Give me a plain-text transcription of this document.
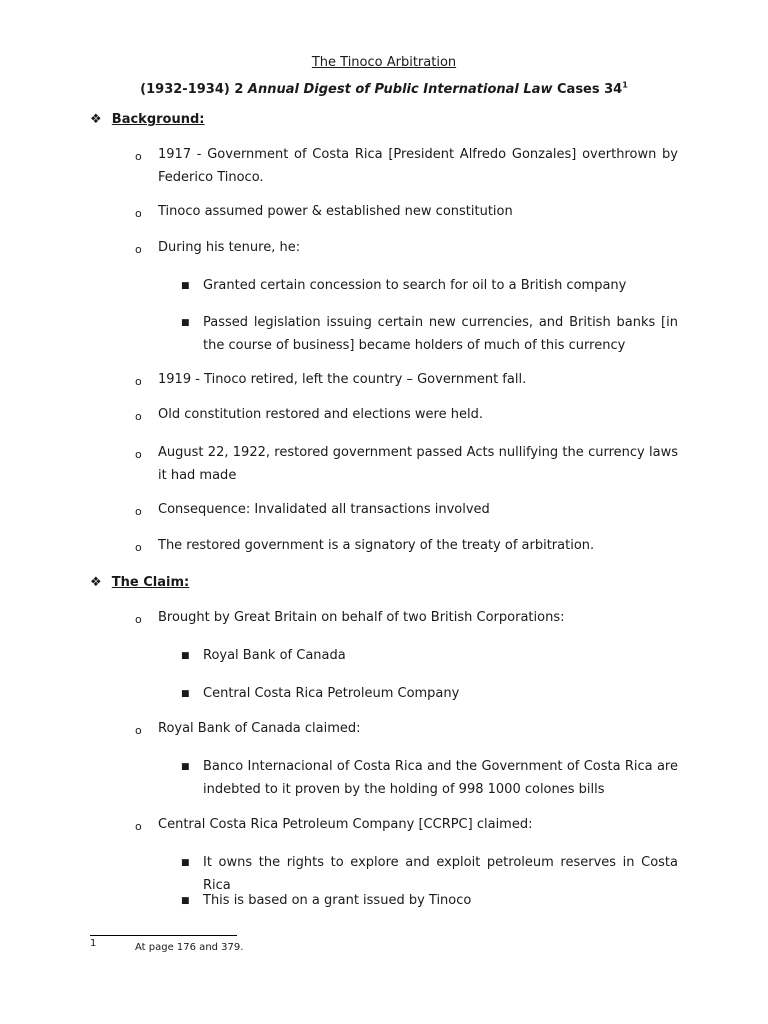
The Tinoco Arbitration
(1932-1934) 2 Annual Digest of Public International Law Cases $34^1$
❖ Background:
o 1917 - Government of Costa Rica [President Alfredo Gonzales] overthrown by Federico Tinoco.
o Tinoco assumed power & established new constitution
o During his tenure, he:
■ Granted certain concession to search for oil to a British company
■ Passed legislation issuing certain new currencies, and British banks [in the course of business] became holders of much of this currency
o 1919 - Tinoco retired, left the country – Government fall.
o Old constitution restored and elections were held.
o August 22, 1922, restored government passed Acts nullifying the currency laws it had made
o Consequence: Invalidated all transactions involved
o The restored government is a signatory of the treaty of arbitration.
❖ The Claim:
o Brought by Great Britain on behalf of two British Corporations:
■ Royal Bank of Canada
■ Central Costa Rica Petroleum Company
o Royal Bank of Canada claimed:
■ Banco Internacional of Costa Rica and the Government of Costa Rica are indebted to it proven by the holding of 998 1000 colones bills
o Central Costa Rica Petroleum Company [CCRPC] claimed:
■ It owns the rights to explore and exploit petroleum reserves in Costa Rica
■ This is based on a grant issued by Tinoco
1	At page 176 and 379.
